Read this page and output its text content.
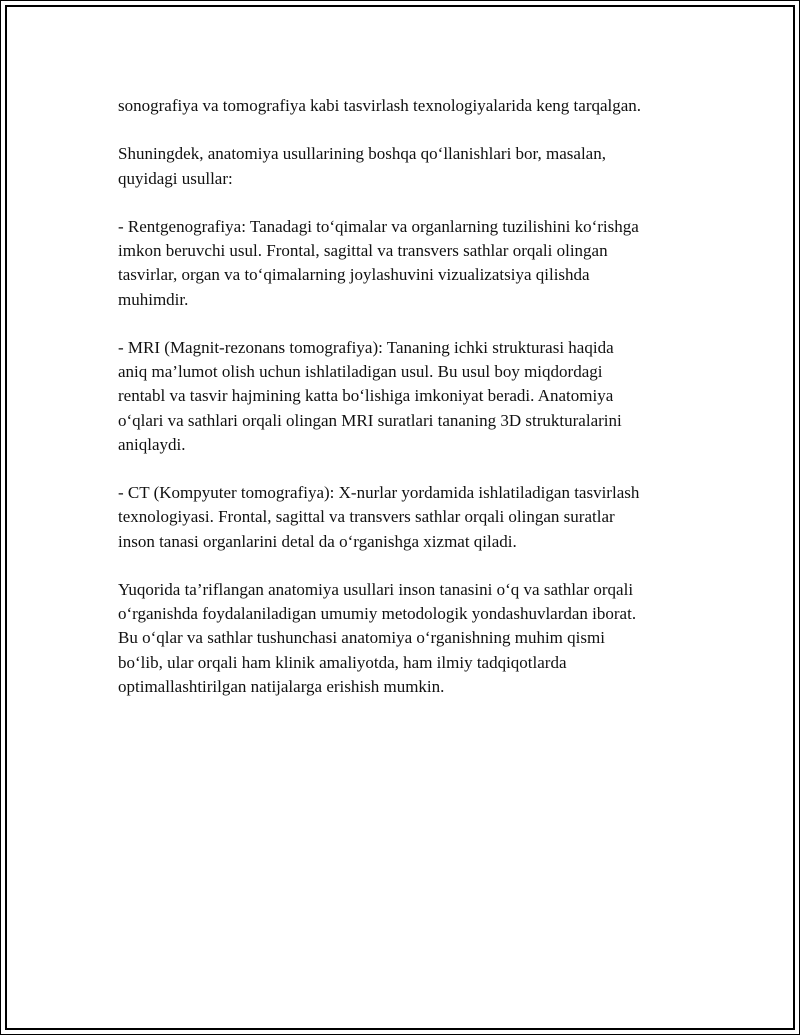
sonografiya va tomografiya kabi tasvirlash texnologiyalarida keng tarqalgan.

Shuningdek, anatomiya usullarining boshqa qo‘llanishlari bor, masalan,
quyidagi usullar:

- Rentgenografiya: Tanadagi to‘qimalar va organlarning tuzilishini ko‘rishga
imkon beruvchi usul. Frontal, sagittal va transvers sathlar orqali olingan
tasvirlar, organ va to‘qimalarning joylashuvini vizualizatsiya qilishda
muhimdir.

- MRI (Magnit-rezonans tomografiya): Tananing ichki strukturasi haqida
aniq ma’lumot olish uchun ishlatiladigan usul. Bu usul boy miqdordagi
rentabl va tasvir hajmining katta bo‘lishiga imkoniyat beradi. Anatomiya
o‘qlari va sathlari orqali olingan MRI suratlari tananing 3D strukturalarini
aniqlaydi.

- CT (Kompyuter tomografiya): X-nurlar yordamida ishlatiladigan tasvirlash
texnologiyasi. Frontal, sagittal va transvers sathlar orqali olingan suratlar
inson tanasi organlarini detal da o‘rganishga xizmat qiladi.

Yuqorida ta’riflangan anatomiya usullari inson tanasini o‘q va sathlar orqali
o‘rganishda foydalaniladigan umumiy metodologik yondashuvlardan iborat.
Bu o‘qlar va sathlar tushunchasi anatomiya o‘rganishning muhim qismi
bo‘lib, ular orqali ham klinik amaliyotda, ham ilmiy tadqiqotlarda
optimallashtirilgan natijalarga erishish mumkin.
